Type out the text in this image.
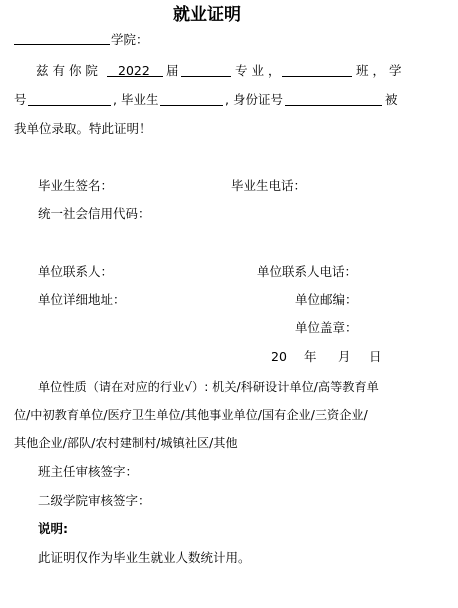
就业证明
学院：
兹 有 你 院 2022 届	专 业 ，	班 ， 学
号	, 毕业生	, 身份证号	被
我单位录取。特此证明！
毕业生签名：	毕业生电话：
统一社会信用代码：
单位联系人：	单位联系人电话：
单位详细地址：	单位邮编：
单位盖章：
20 年 月 日
单位性质（请在对应的行业√）: 机关/科研设计单位/高等教育单
位/中初教育单位/医疗卫生单位/其他事业单位/国有企业/三资企业/
其他企业/部队/农村建制村/城镇社区/其他
班主任审核签字：
二级学院审核签字：
说明:
此证明仅作为毕业生就业人数统计用。
